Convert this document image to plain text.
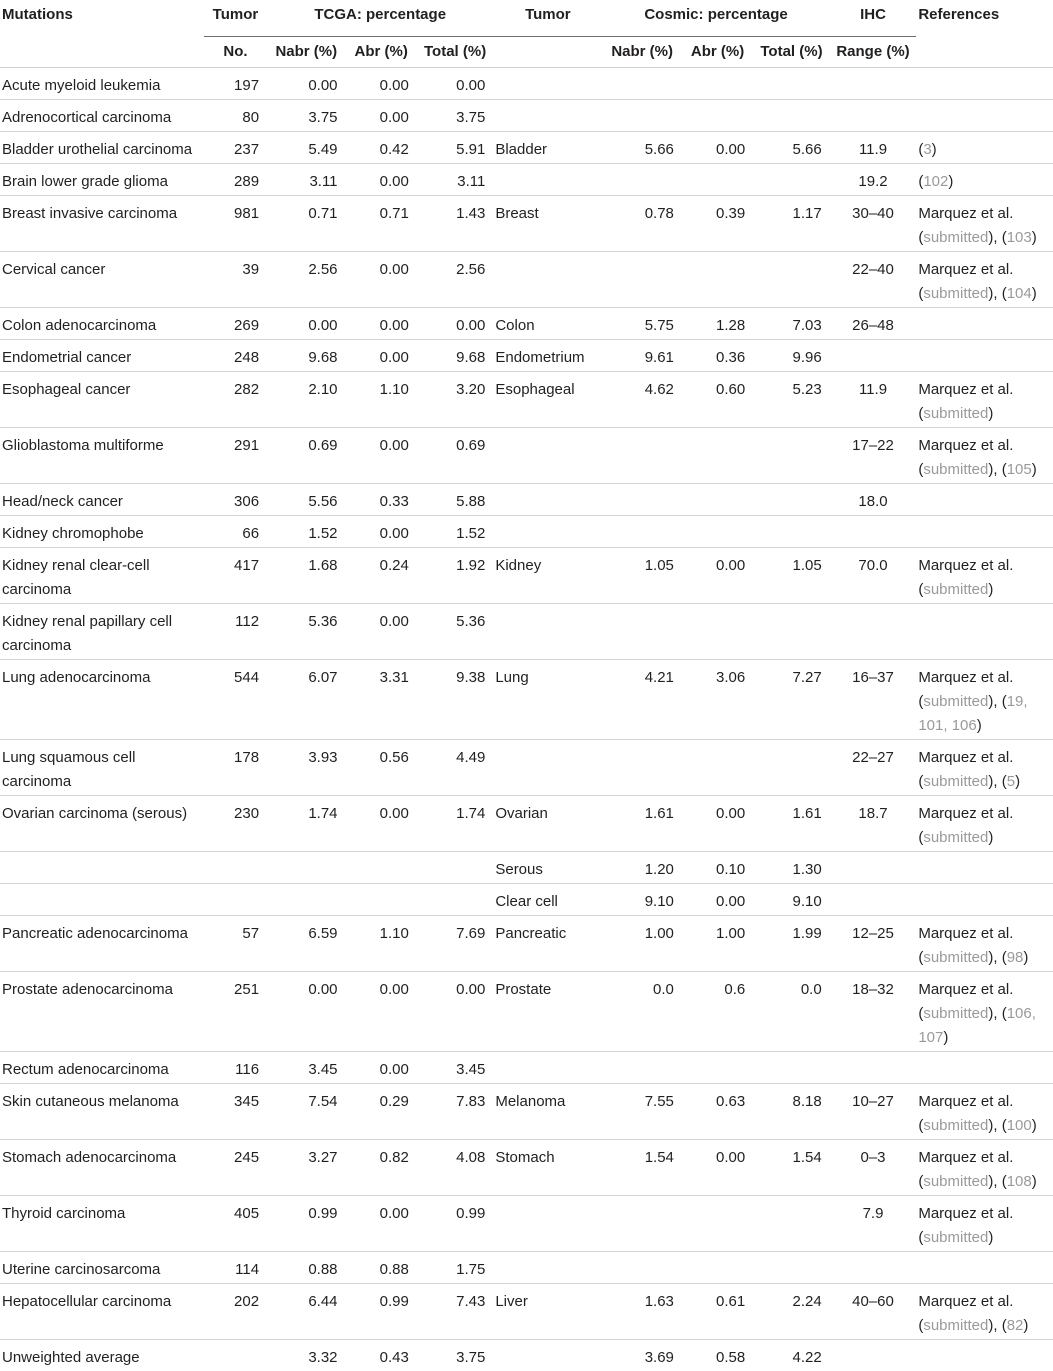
Mutations	Tumor	TCGA: percentage			Tumor	Cosmic: percentage			IHC	References
	No.	Nabr (%)	Abr (%)	Total (%)		Nabr (%)	Abr (%)	Total (%)	Range (%)	
Acute myeloid leukemia	197	0.00	0.00	0.00						
Adrenocortical carcinoma	80	3.75	0.00	3.75						
Bladder urothelial carcinoma	237	5.49	0.42	5.91	Bladder	5.66	0.00	5.66	11.9	(3)
Brain lower grade glioma	289	3.11	0.00	3.11					19.2	(102)
Breast invasive carcinoma	981	0.71	0.71	1.43	Breast	0.78	0.39	1.17	30–40	Marquez et al. (submitted), (103)
Cervical cancer	39	2.56	0.00	2.56					22–40	Marquez et al. (submitted), (104)
Colon adenocarcinoma	269	0.00	0.00	0.00	Colon	5.75	1.28	7.03	26–48	
Endometrial cancer	248	9.68	0.00	9.68	Endometrium	9.61	0.36	9.96		
Esophageal cancer	282	2.10	1.10	3.20	Esophageal	4.62	0.60	5.23	11.9	Marquez et al. (submitted)
Glioblastoma multiforme	291	0.69	0.00	0.69					17–22	Marquez et al. (submitted), (105)
Head/neck cancer	306	5.56	0.33	5.88					18.0	
Kidney chromophobe	66	1.52	0.00	1.52						
Kidney renal clear-cell carcinoma	417	1.68	0.24	1.92	Kidney	1.05	0.00	1.05	70.0	Marquez et al. (submitted)
Kidney renal papillary cell carcinoma	112	5.36	0.00	5.36						
Lung adenocarcinoma	544	6.07	3.31	9.38	Lung	4.21	3.06	7.27	16–37	Marquez et al. (submitted), (19, 101, 106)
Lung squamous cell carcinoma	178	3.93	0.56	4.49					22–27	Marquez et al. (submitted), (5)
Ovarian carcinoma (serous)	230	1.74	0.00	1.74	Ovarian	1.61	0.00	1.61	18.7	Marquez et al. (submitted)
					Serous	1.20	0.10	1.30		
					Clear cell	9.10	0.00	9.10		
Pancreatic adenocarcinoma	57	6.59	1.10	7.69	Pancreatic	1.00	1.00	1.99	12–25	Marquez et al. (submitted), (98)
Prostate adenocarcinoma	251	0.00	0.00	0.00	Prostate	0.0	0.6	0.0	18–32	Marquez et al. (submitted), (106, 107)
Rectum adenocarcinoma	116	3.45	0.00	3.45						
Skin cutaneous melanoma	345	7.54	0.29	7.83	Melanoma	7.55	0.63	8.18	10–27	Marquez et al. (submitted), (100)
Stomach adenocarcinoma	245	3.27	0.82	4.08	Stomach	1.54	0.00	1.54	0–3	Marquez et al. (submitted), (108)
Thyroid carcinoma	405	0.99	0.00	0.99					7.9	Marquez et al. (submitted)
Uterine carcinosarcoma	114	0.88	0.88	1.75						
Hepatocellular carcinoma	202	6.44	0.99	7.43	Liver	1.63	0.61	2.24	40–60	Marquez et al. (submitted), (82)
Unweighted average		3.32	0.43	3.75		3.69	0.58	4.22		
